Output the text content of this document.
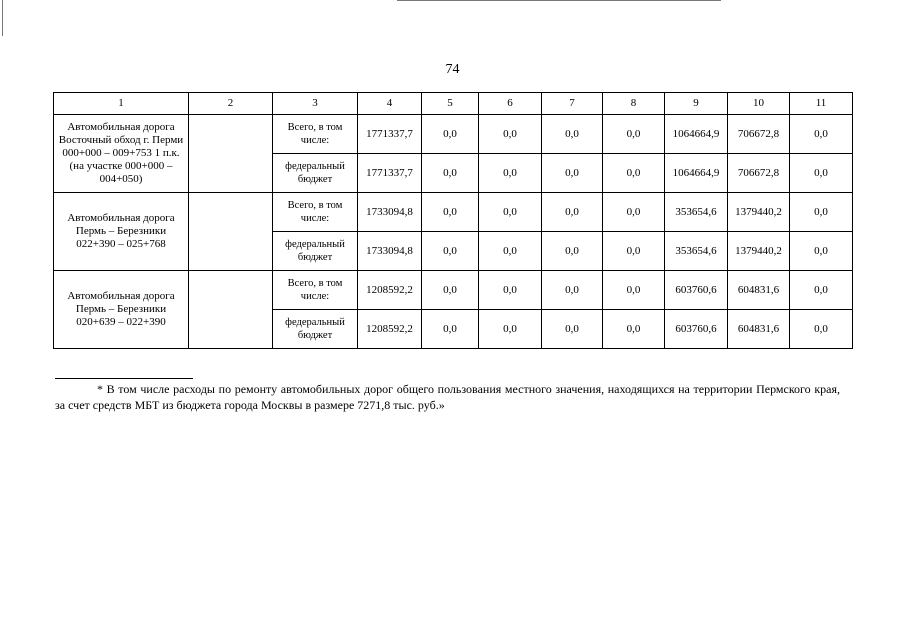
74
1	2	3	4	5	6	7	8	9	10	11
Автомобильная дорога Восточный обход г. Перми 000+000 – 009+753 1 п.к. (на участке 000+000 – 004+050)		Всего, в том числе:	1771337,7	0,0	0,0	0,0	0,0	1064664,9	706672,8	0,0
		федеральный бюджет	1771337,7	0,0	0,0	0,0	0,0	1064664,9	706672,8	0,0
Автомобильная дорога Пермь – Березники 022+390 – 025+768		Всего, в том числе:	1733094,8	0,0	0,0	0,0	0,0	353654,6	1379440,2	0,0
		федеральный бюджет	1733094,8	0,0	0,0	0,0	0,0	353654,6	1379440,2	0,0
Автомобильная дорога Пермь – Березники 020+639 – 022+390		Всего, в том числе:	1208592,2	0,0	0,0	0,0	0,0	603760,6	604831,6	0,0
		федеральный бюджет	1208592,2	0,0	0,0	0,0	0,0	603760,6	604831,6	0,0
* В том числе расходы по ремонту автомобильных дорог общего пользования местного значения, находящихся на территории Пермского края, за счет средств МБТ из бюджета города Москвы в размере 7271,8 тыс. руб.»
